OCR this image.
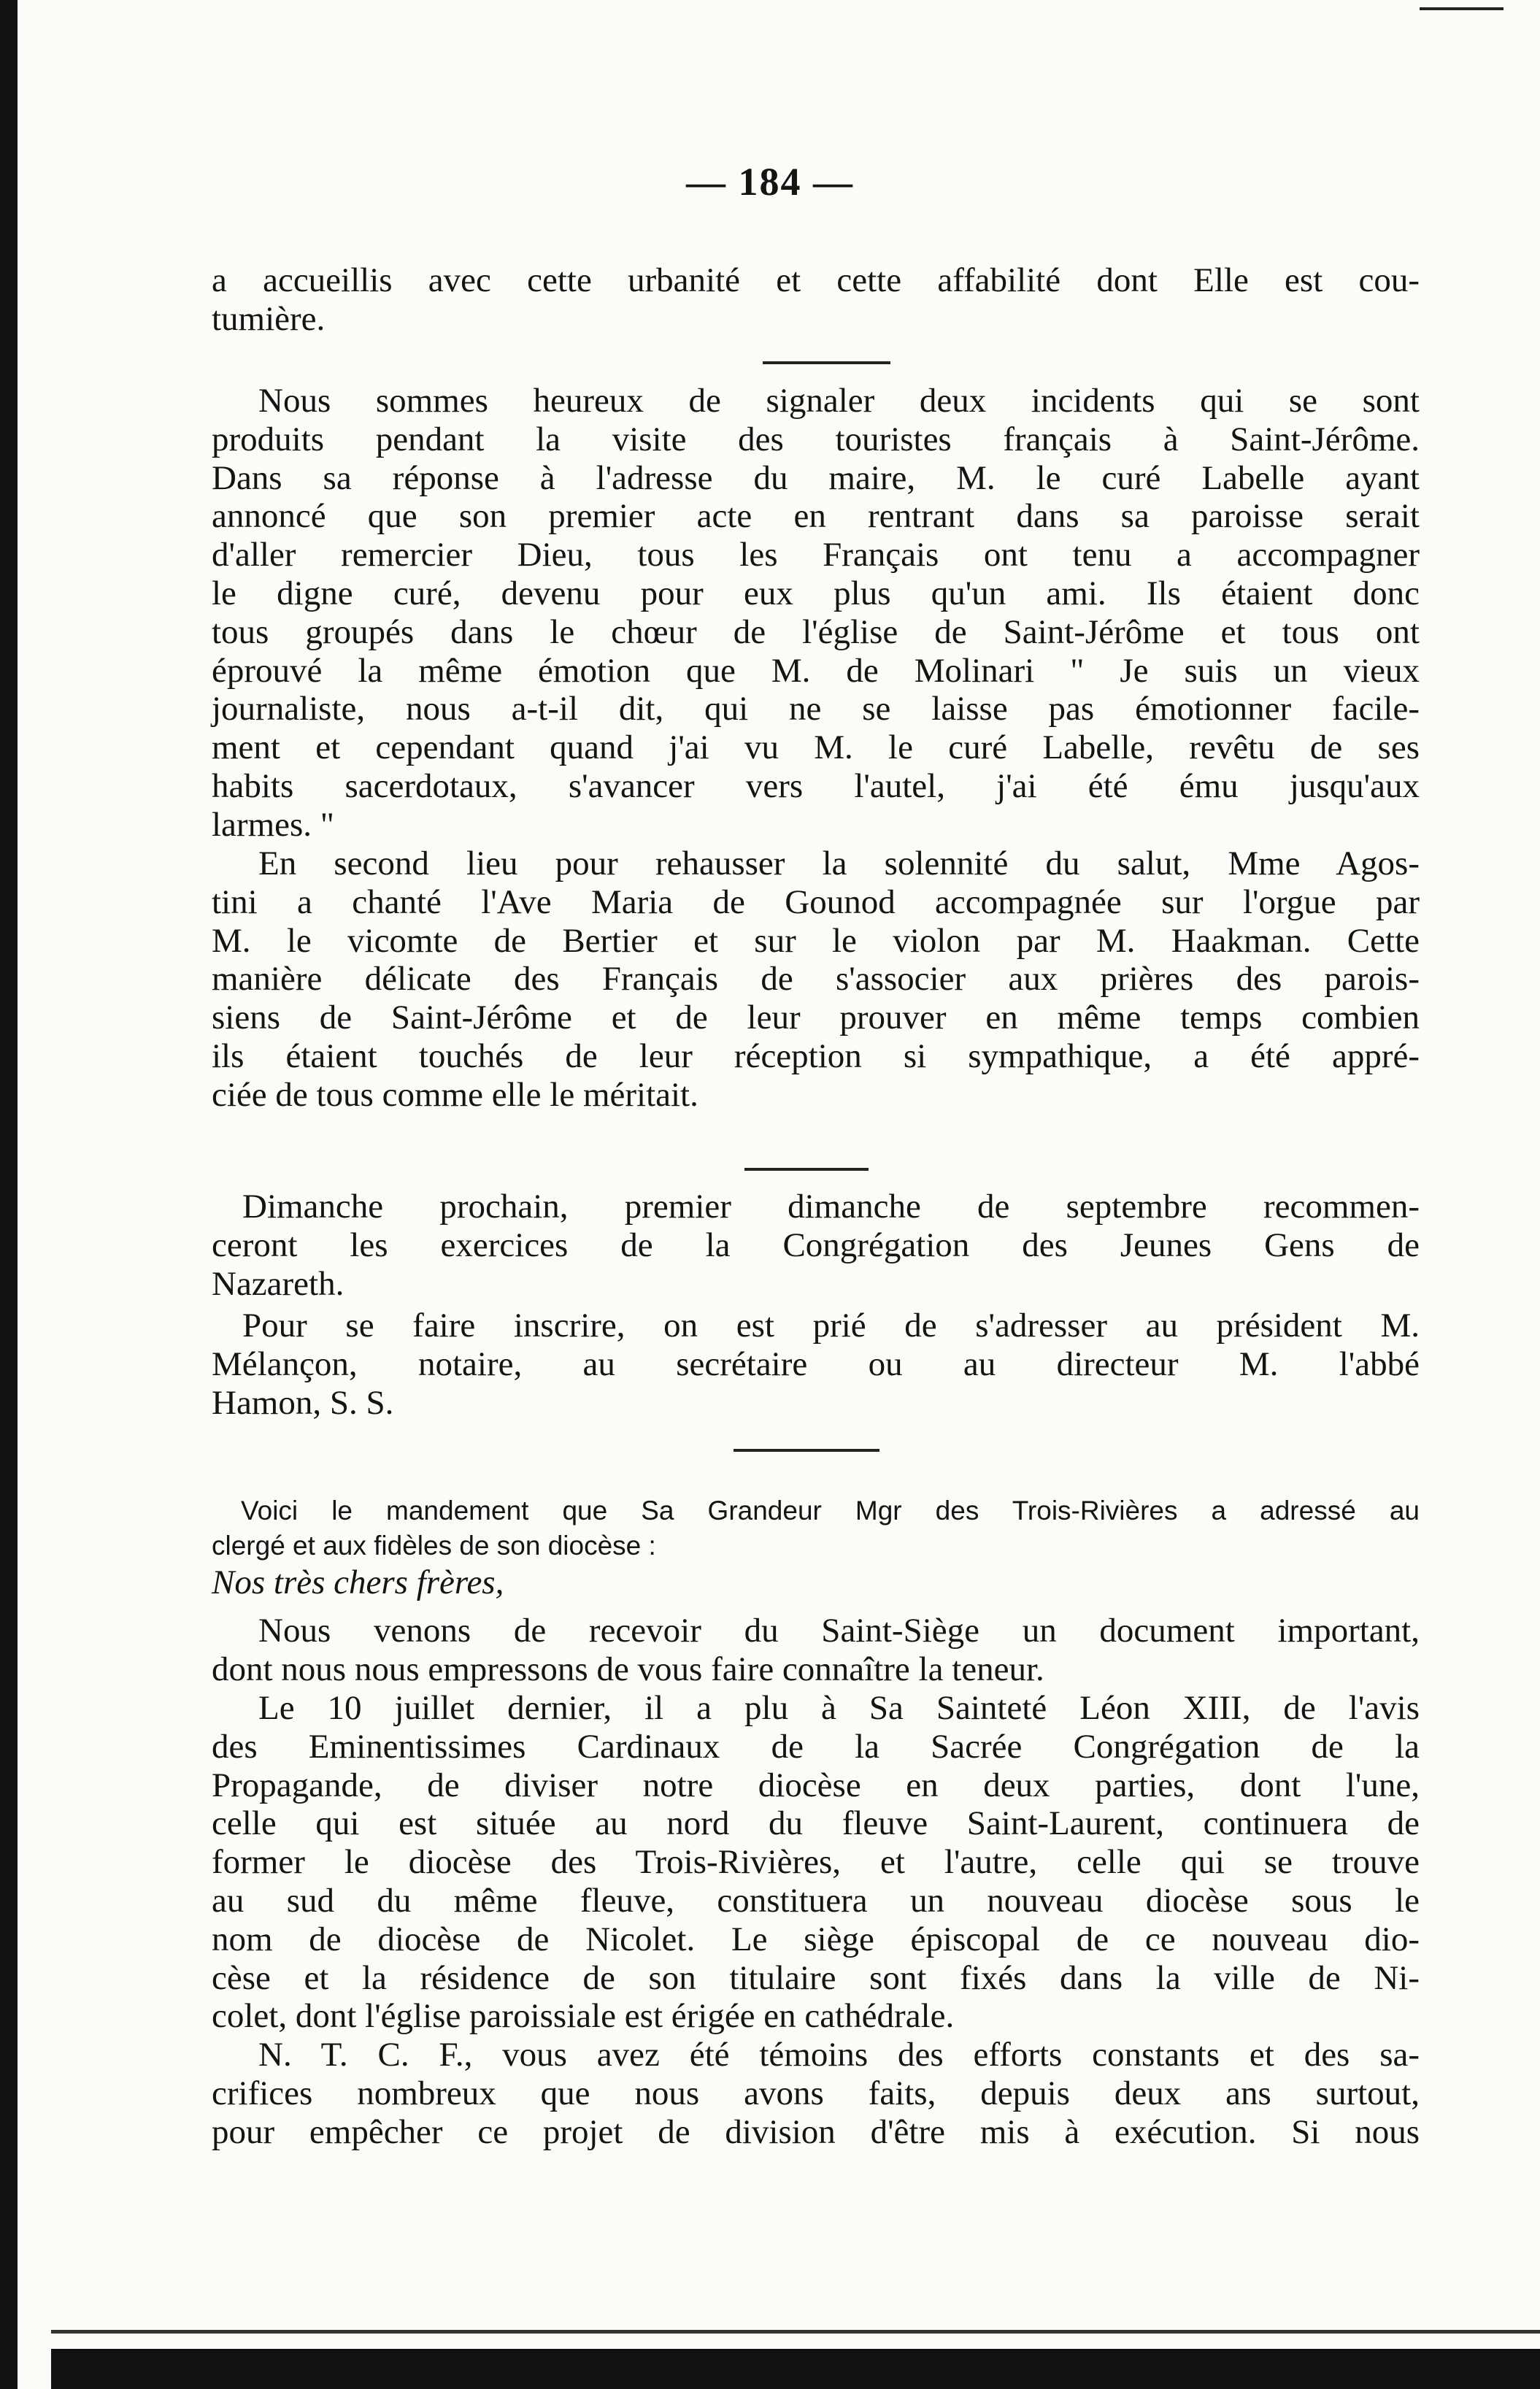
— 184 —
a accueillis avec cette urbanité et cette affabilité dont Elle est cou-
tumière.
Nous sommes heureux de signaler deux incidents qui se sont
produits pendant la visite des touristes français à Saint-Jérôme.
Dans sa réponse à l'adresse du maire, M. le curé Labelle ayant
annoncé que son premier acte en rentrant dans sa paroisse serait
d'aller remercier Dieu, tous les Français ont tenu a accompagner
le digne curé, devenu pour eux plus qu'un ami. Ils étaient donc
tous groupés dans le chœur de l'église de Saint-Jérôme et tous ont
éprouvé la même émotion que M. de Molinari " Je suis un vieux
journaliste, nous a-t-il dit, qui ne se laisse pas émotionner facile-
ment et cependant quand j'ai vu M. le curé Labelle, revêtu de ses
habits sacerdotaux, s'avancer vers l'autel, j'ai été ému jusqu'aux
larmes. "
En second lieu pour rehausser la solennité du salut, Mme Agos-
tini a chanté l'Ave Maria de Gounod accompagnée sur l'orgue par
M. le vicomte de Bertier et sur le violon par M. Haakman. Cette
manière délicate des Français de s'associer aux prières des parois-
siens de Saint-Jérôme et de leur prouver en même temps combien
ils étaient touchés de leur réception si sympathique, a été appré-
ciée de tous comme elle le méritait.
Dimanche prochain, premier dimanche de septembre recommen-
ceront les exercices de la Congrégation des Jeunes Gens de
Nazareth.
Pour se faire inscrire, on est prié de s'adresser au président M.
Mélançon, notaire, au secrétaire ou au directeur M. l'abbé
Hamon, S. S.
Voici le mandement que Sa Grandeur Mgr des Trois-Rivières a adressé au
clergé et aux fidèles de son diocèse :
Nos très chers frères,
Nous venons de recevoir du Saint-Siège un document important,
dont nous nous empressons de vous faire connaître la teneur.
Le 10 juillet dernier, il a plu à Sa Sainteté Léon XIII, de l'avis
des Eminentissimes Cardinaux de la Sacrée Congrégation de la
Propagande, de diviser notre diocèse en deux parties, dont l'une,
celle qui est située au nord du fleuve Saint-Laurent, continuera de
former le diocèse des Trois-Rivières, et l'autre, celle qui se trouve
au sud du même fleuve, constituera un nouveau diocèse sous le
nom de diocèse de Nicolet. Le siège épiscopal de ce nouveau dio-
cèse et la résidence de son titulaire sont fixés dans la ville de Ni-
colet, dont l'église paroissiale est érigée en cathédrale.
N. T. C. F., vous avez été témoins des efforts constants et des sa-
crifices nombreux que nous avons faits, depuis deux ans surtout,
pour empêcher ce projet de division d'être mis à exécution. Si nous
